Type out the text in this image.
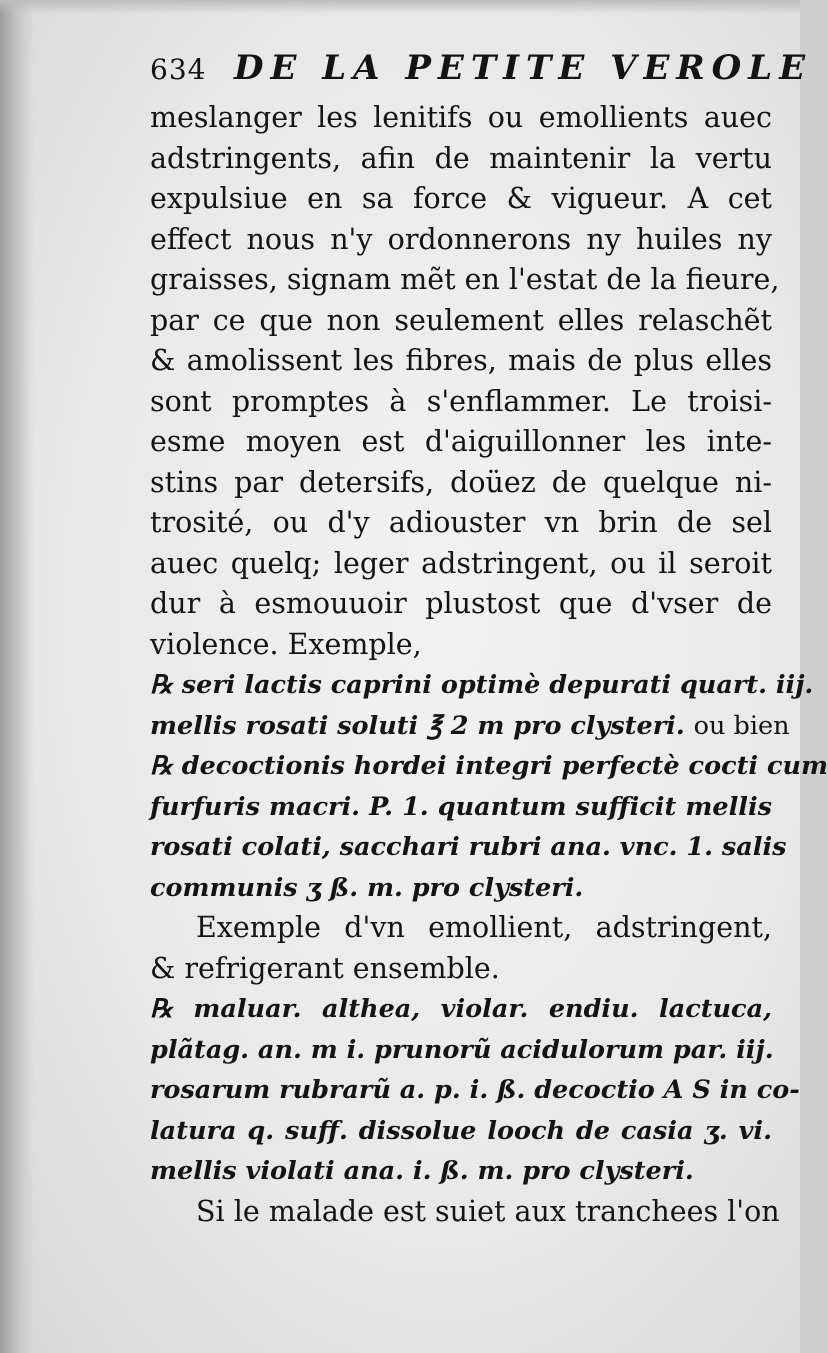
634 DE LA PETITE VEROLE
meslanger les lenitifs ou emollients auec
adstringents, afin de maintenir la vertu
expulsiue en sa force & vigueur. A cet
effect nous n'y ordonnerons ny huiles ny
graisses, signam mẽt en l'estat de la fieure,
par ce que non seulement elles relaschẽt
& amolissent les fibres, mais de plus elles
sont promptes à s'enflammer. Le troisi-
esme moyen est d'aiguillonner les inte-
stins par detersifs, doüez de quelque ni-
trosité, ou d'y adiouster vn brin de sel
auec quelq; leger adstringent, ou il seroit
dur à esmouuoir plustost que d'vser de
violence. Exemple,
℞ seri lactis caprini optimè depurati quart. iij.
mellis rosati soluti ℥ 2 m pro clysteri. ou bien
℞ decoctionis hordei integri perfectè cocti cum
furfuris macri. P. 1. quantum sufficit mellis
rosati colati, sacchari rubri ana. vnc. 1. salis
communis ʒ ß. m. pro clysteri.
Exemple d'vn emollient, adstringent,
& refrigerant ensemble.
℞ maluar. althea, violar. endiu. lactuca,
plãtag. an. m i. prunorũ acidulorum par. iij.
rosarum rubrarũ a. p. i. ß. decoctio A S in co-
latura q. suff. dissolue looch de casia ʒ. vi.
mellis violati ana. i. ß. m. pro clysteri.
Si le malade est suiet aux tranchees l'on
